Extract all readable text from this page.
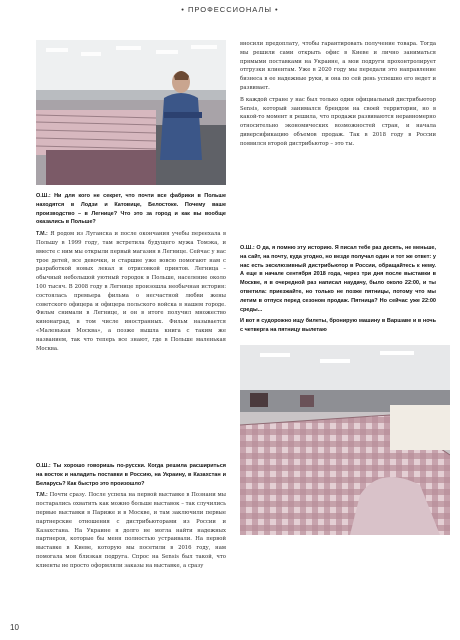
• ПРОФЕССИОНАЛЫ •

О.Ш.: Ни для кого не секрет, что почти все фабрики в Польше находятся в Лодзи и Катовице, Белостоке. Почему ваше производство – в Легнице? Что это за город и как вы вообще оказались в Польше?

Т.М.: Я родом из Луганска и после окончания учебы переехала в Польшу в 1999 году, там встретила будущего мужа Томэка, и вместе с ним мы открыли первый магазин в Легнице. Сейчас у нас трое детей, все девочки, и старшие уже вовсю помогают нам с разработкой новых лекал и отрисовкой принтов. Легница – обычный небольшой уютный городок в Польше, население около 100 тысяч. В 2008 году в Легнице произошла необычная история: состоялась премьера фильма о несчастной любви жены советского офицера и офицера польского войска в нашем городе. Фильм снимали в Легнице, и он в итоге получил множество кинонаград, в том числе иностранных. Фильм называется «Маленькая Москва», а позже вышла книга с таким же названием, так что теперь все знают, где в Польше маленькая Москва.

О.Ш.: Ты хорошо говоришь по-русски. Когда решила расшириться на восток и наладить поставки в Россию, на Украину, в Казахстан и Беларусь? Как быстро это произошло?

Т.М.: Почти сразу. После успеха на первой выставке в Познани мы постарались охватить как можно больше выставок – так случились первые выставки в Париже и в Москве, и там заключили первые партнерские отношения с дистрибьюторами из России и Казахстана. На Украине я долго не могла найти надежных партнеров, которые бы меня полностью устраивали. На первой выставке в Киеве, которую мы посетили в 2016 году, нам помогала моя близкая подруга. Спрос на Sensis был такой, что клиенты не просто оформляли заказы на выставке, а сразу

вносили предоплату, чтобы гарантировать получение товара. Тогда мы решили сами открыть офис в Киеве и лично заниматься прямыми поставками на Украине, а мои подруги прохонтролирует отгрузки клиентам. Уже в 2020 году мы передали это направление бизнеса в ее надежные руки, и она по сей день успешно его ведет и развивает.

В каждой стране у нас был только один официальный дистрибьютор Sensis, который занимался брендом на своей территории, но в какой-то момент я решила, что продажи развиваются неравномерно относительно экономических возможностей стран, и начала диверсификацию объемов продаж. Так в 2018 году в России появился второй дистрибьютор – это ты.

О.Ш.: О да, я помню эту историю. Я писал тебе раз десять, не меньше, на сайт, на почту, куда угодно, но везде получал один и тот же ответ: у нас есть эксклюзивный дистрибьютор в России, обращайтесь к нему. А еще в начале сентября 2018 года, через три дня после выставки в Москве, я в очередной раз написал наудачу, было около 22:00, и ты ответила: приезжайте, но только не позже пятницы, потому что мы летим в отпуск перед сезоном продаж. Пятница? Но сейчас уже 22:00 среды...

И вот я судорожно ищу билеты, бронирую машину в Варшаве и в ночь с четверга на пятницу вылетаю

10
